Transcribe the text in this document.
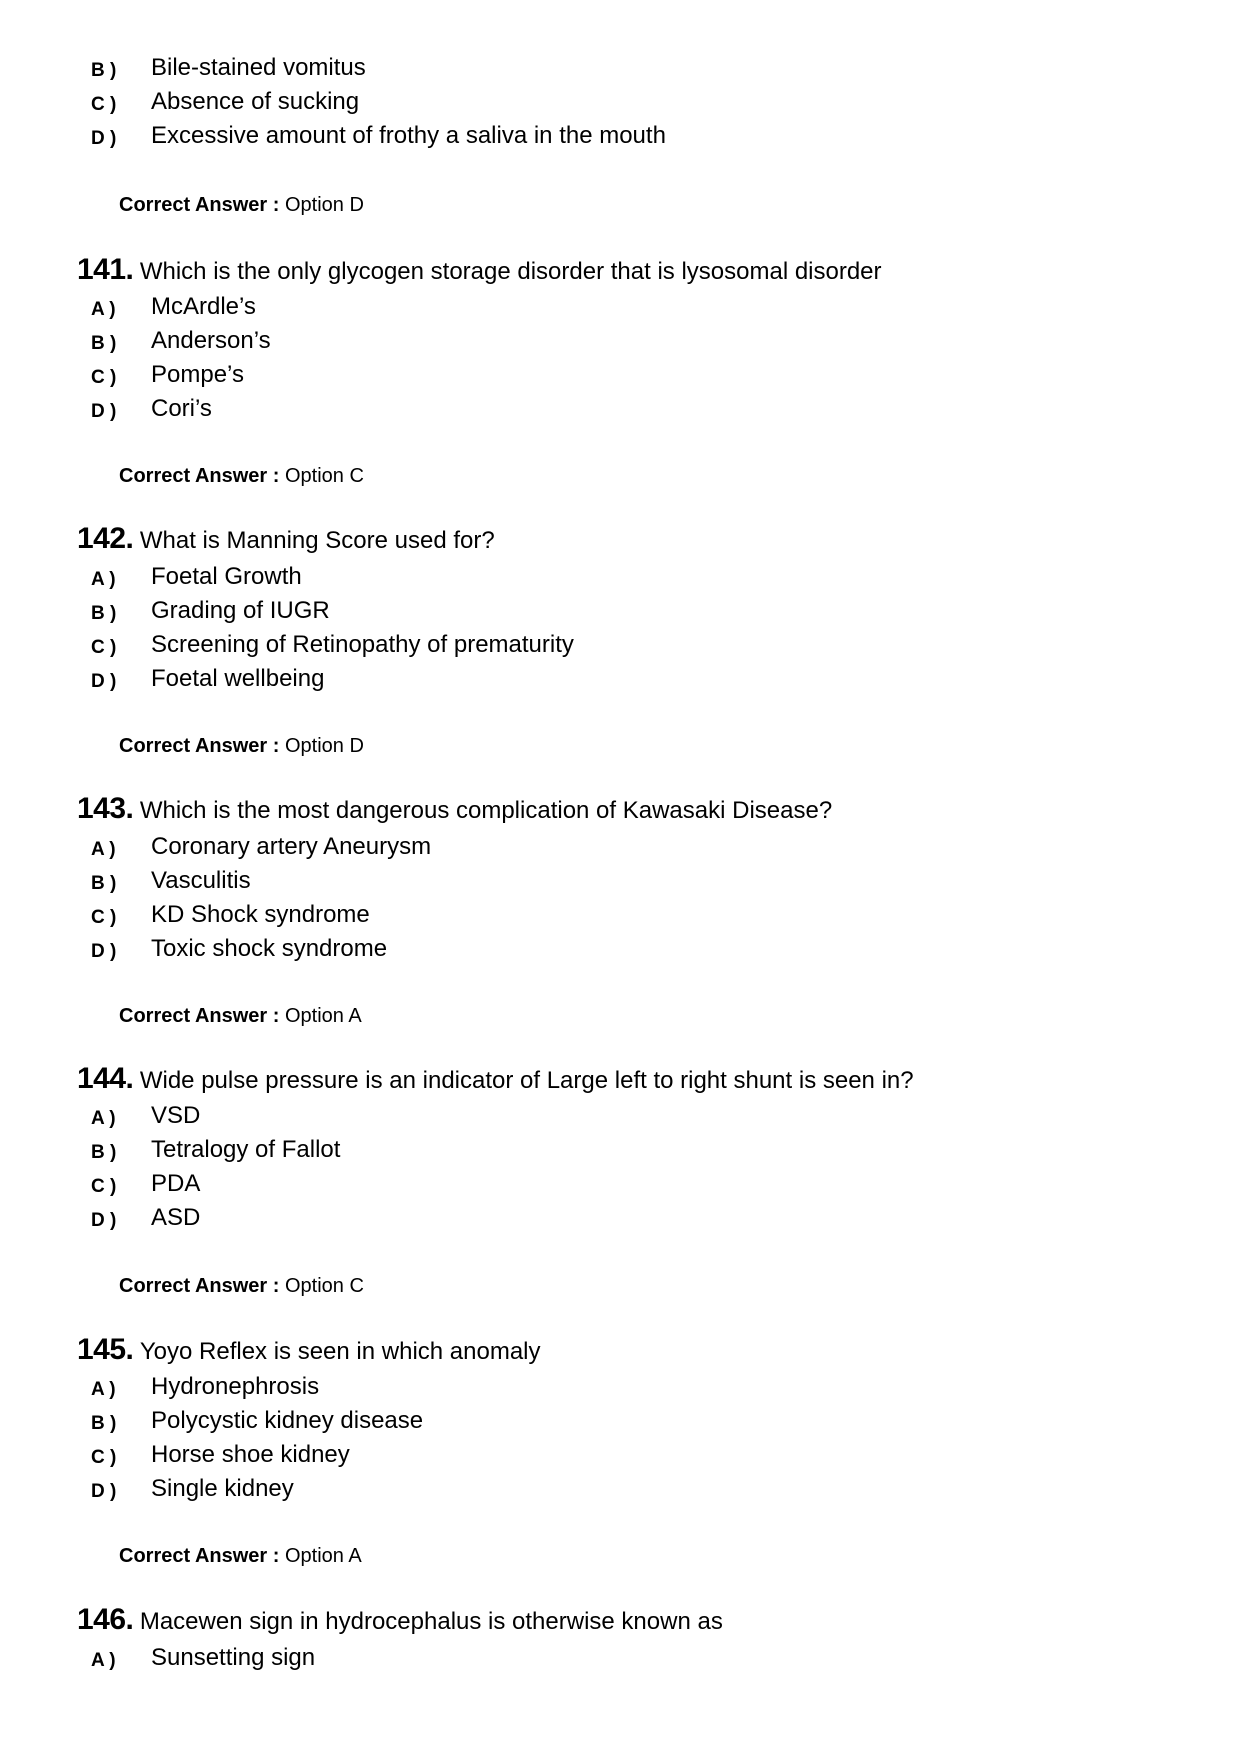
B ) Bile-stained vomitus
C ) Absence of sucking
D ) Excessive amount of frothy a saliva in the mouth
Correct Answer : Option D
141. Which is the only glycogen storage disorder that is lysosomal disorder
A ) McArdle’s
B ) Anderson’s
C ) Pompe’s
D ) Cori’s
Correct Answer : Option C
142. What is Manning Score used for?
A ) Foetal Growth
B ) Grading of IUGR
C ) Screening of Retinopathy of prematurity
D ) Foetal wellbeing
Correct Answer : Option D
143. Which is the most dangerous complication of Kawasaki Disease?
A ) Coronary artery Aneurysm
B ) Vasculitis
C ) KD Shock syndrome
D ) Toxic shock syndrome
Correct Answer : Option A
144. Wide pulse pressure is an indicator of Large left to right shunt is seen in?
A ) VSD
B ) Tetralogy of Fallot
C ) PDA
D ) ASD
Correct Answer : Option C
145. Yoyo Reflex is seen in which anomaly
A ) Hydronephrosis
B ) Polycystic kidney disease
C ) Horse shoe kidney
D ) Single kidney
Correct Answer : Option A
146. Macewen sign in hydrocephalus is otherwise known as
A ) Sunsetting sign
